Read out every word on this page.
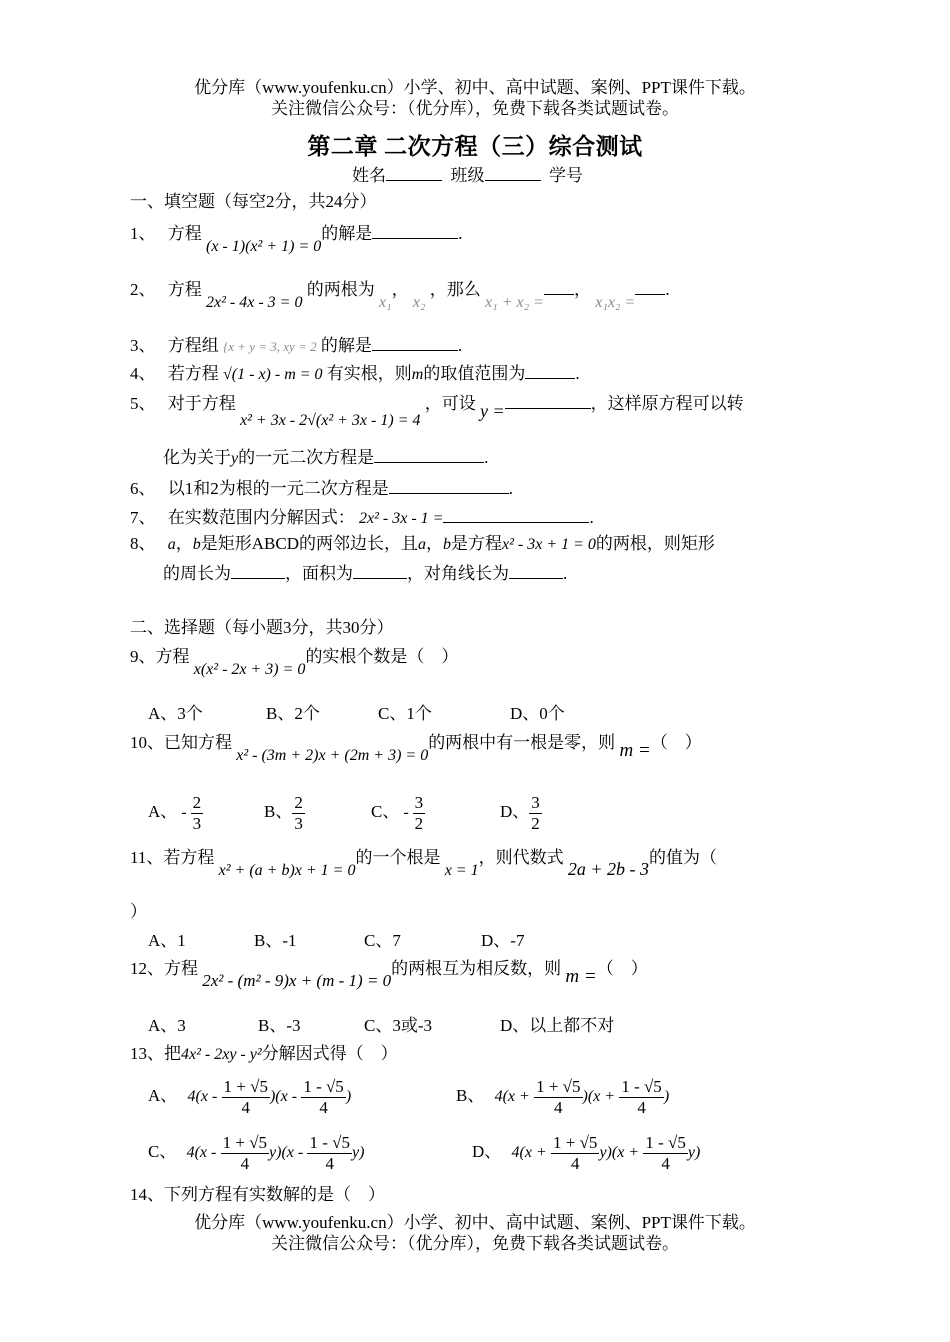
优分库（www.youfenku.cn）小学、初中、高中试题、案例、PPT课件下载。
关注微信公众号：（优分库），免费下载各类试题试卷。
第二章 二次方程（三）综合测试
姓名	班级	学号
一、填空题（每空2分，共24分）
1、 方程 (x - 1)(x² + 1) = 0的解是	.
2、 方程 2x² - 4x - 3 = 0 的两根为 x₁， x₂ ，那么 x₁ + x₂ =， x₁x₂ =.
3、 方程组 {x + y = 3, xy = 2 的解是	.
4、 若方程 √(1 - x) - m = 0 有实根，则m的取值范围为	.
5、 对于方程 x² + 3x - 2√(x² + 3x - 1) = 4 ，可设 y =	，这样原方程可以转
化为关于y的一元二次方程是	.
6、 以1和2为根的一元二次方程是	.
7、 在实数范围内分解因式： 2x² - 3x - 1 =	.
8、 a，b是矩形ABCD的两邻边长，且a，b是方程x² - 3x + 1 = 0的两根，则矩形
的周长为	，面积为	，对角线长为	.
二、选择题（每小题3分，共30分）
9、方程 x(x² - 2x + 3) = 0的实根个数是（　）
A、3个	B、2个	C、1个	D、0个
10、已知方程 x² - (3m + 2)x + (2m + 3) = 0的两根中有一根是零，则 m =（　）
A、 - $\frac{2}{3}$	B、 $\frac{2}{3}$	C、 - $\frac{3}{2}$	D、 $\frac{3}{2}$
11、若方程 x² + (a + b)x + 1 = 0的一个根是 x = 1，则代数式 2a + 2b - 3的值为（
）
A、1	B、-1	C、7	D、-7
12、方程 2x² - (m² - 9)x + (m - 1) = 0的两根互为相反数，则 m =（　）
A、3	B、-3	C、3或-3	D、以上都不对
13、把4x² - 2xy - y²分解因式得（　）
A、 $4(x - \frac{1 + √5}{4} )(x - \frac{1 - √5}{4}$ )	B、 $4(x + \frac{1 + √5}{4} )(x + \frac{1 - √5}{4}$ )
C、 $4(x - \frac{1 + √5}{4} y)(x - \frac{1 - √5}{4} y)$	D、 $4(x + \frac{1 + √5}{4} y)(x + \frac{1 - √5}{4} y)$
14、下列方程有实数解的是（　）
优分库（www.youfenku.cn）小学、初中、高中试题、案例、PPT课件下载。
关注微信公众号：（优分库），免费下载各类试题试卷。
